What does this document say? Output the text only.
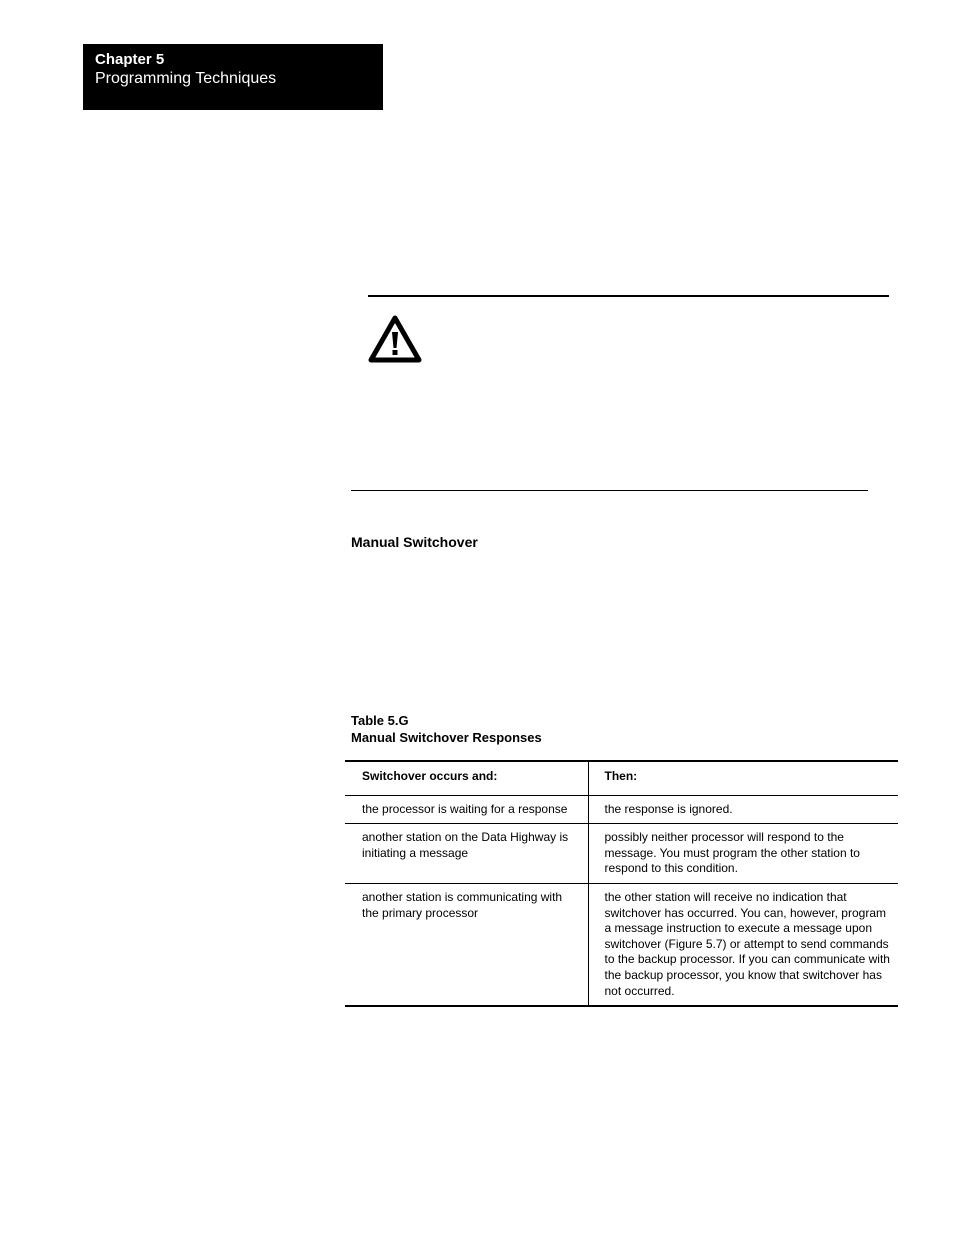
Chapter 5
Programming Techniques
Manual Switchover
Table 5.G
Manual Switchover Responses
Switchover occurs and:	Then:
the processor is waiting for a response	the response is ignored.
another station on the Data Highway is initiating a message	possibly neither processor will respond to the message. You must program the other station to respond to this condition.
another station is communicating with the primary processor	the other station will receive no indication that switchover has occurred. You can, however, program a message instruction to execute a message upon switchover (Figure 5.7) or attempt to send commands to the backup processor. If you can communicate with the backup processor, you know that switchover has not occurred.
